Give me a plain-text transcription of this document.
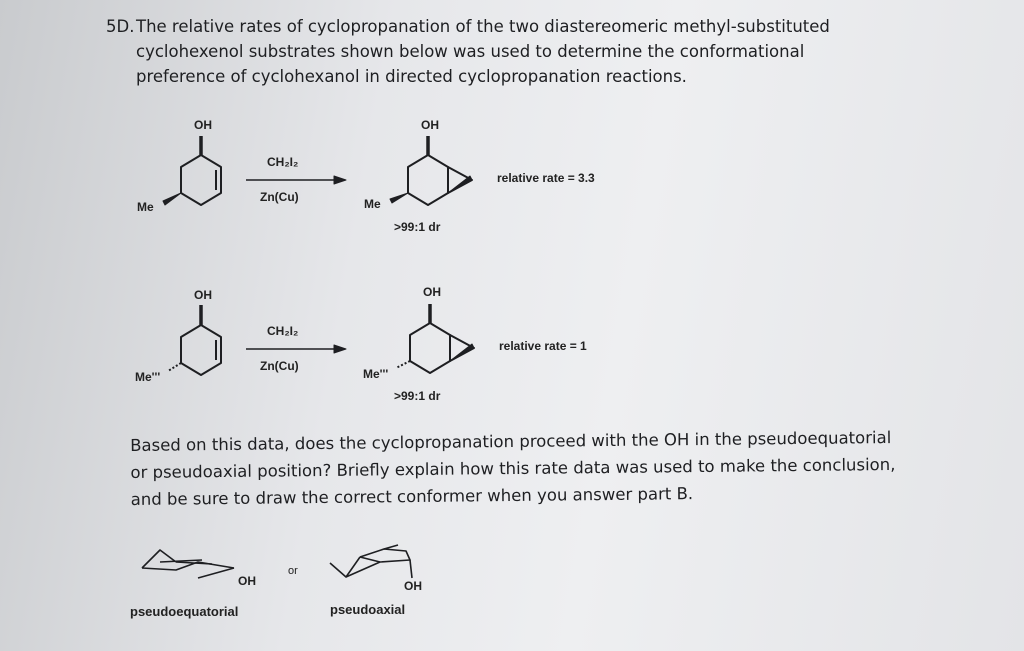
5D.The relative rates of cyclopropanation of the two diastereomeric methyl-substituted
cyclohexenol substrates shown below was used to determine the conformational
preference of cyclohexanol in directed cyclopropanation reactions.
OH
Me
CH₂I₂
Zn(Cu)
OH
Me
>99:1 dr
relative rate = 3.3
OH
Me'''
CH₂I₂
Zn(Cu)
OH
Me'''
>99:1 dr
relative rate = 1
Based on this data, does the cyclopropanation proceed with the OH in the pseudoequatorial
or pseudoaxial position? Briefly explain how this rate data was used to make the conclusion,
and be sure to draw the correct conformer when you answer part B.
OH
or
OH
pseudoequatorial	pseudoaxial
